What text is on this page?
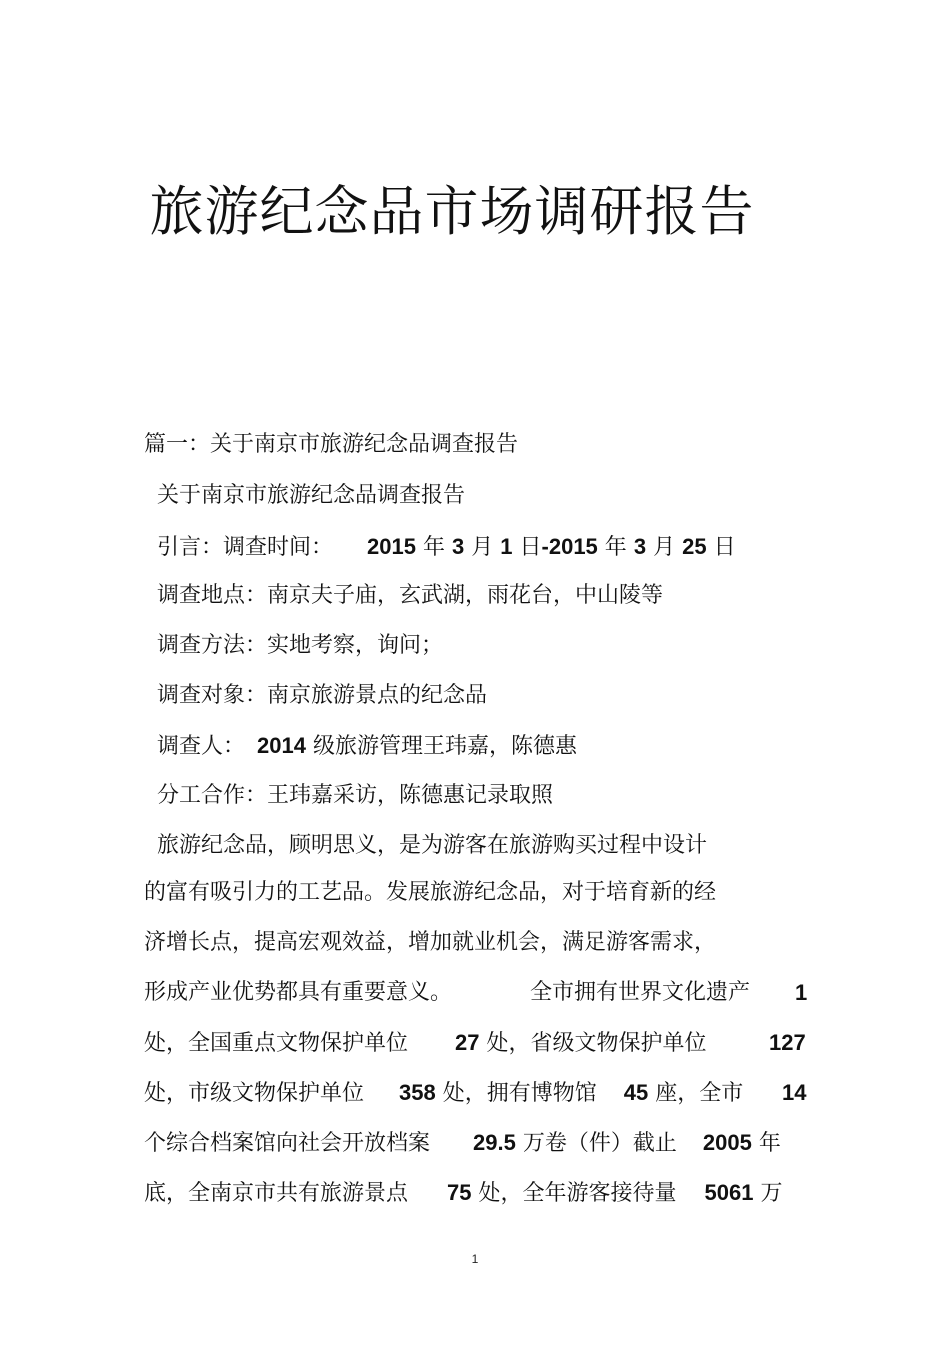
旅游纪念品市场调研报告

篇一：关于南京市旅游纪念品调查报告

关于南京市旅游纪念品调查报告

引言：调查时间： 2015 年 3 月 1 日-2015 年 3 月 25 日

调查地点：南京夫子庙，玄武湖，雨花台，中山陵等

调查方法：实地考察，询问；

调查对象：南京旅游景点的纪念品

调查人： 2014 级旅游管理王玮嘉，陈德惠

分工合作：王玮嘉采访，陈德惠记录取照

旅游纪念品，顾明思义，是为游客在旅游购买过程中设计

的富有吸引力的工艺品。发展旅游纪念品，对于培育新的经

济增长点，提高宏观效益，增加就业机会，满足游客需求，

形成产业优势都具有重要意义。	全市拥有世界文化遗产 1

处，全国重点文物保护单位 27 处，省级文物保护单位	127

处，市级文物保护单位 358 处，拥有博物馆 45 座，全市 14

个综合档案馆向社会开放档案 29.5 万卷（件）截止 2005 年

底，全南京市共有旅游景点 75 处，全年游客接待量 5061 万

1
